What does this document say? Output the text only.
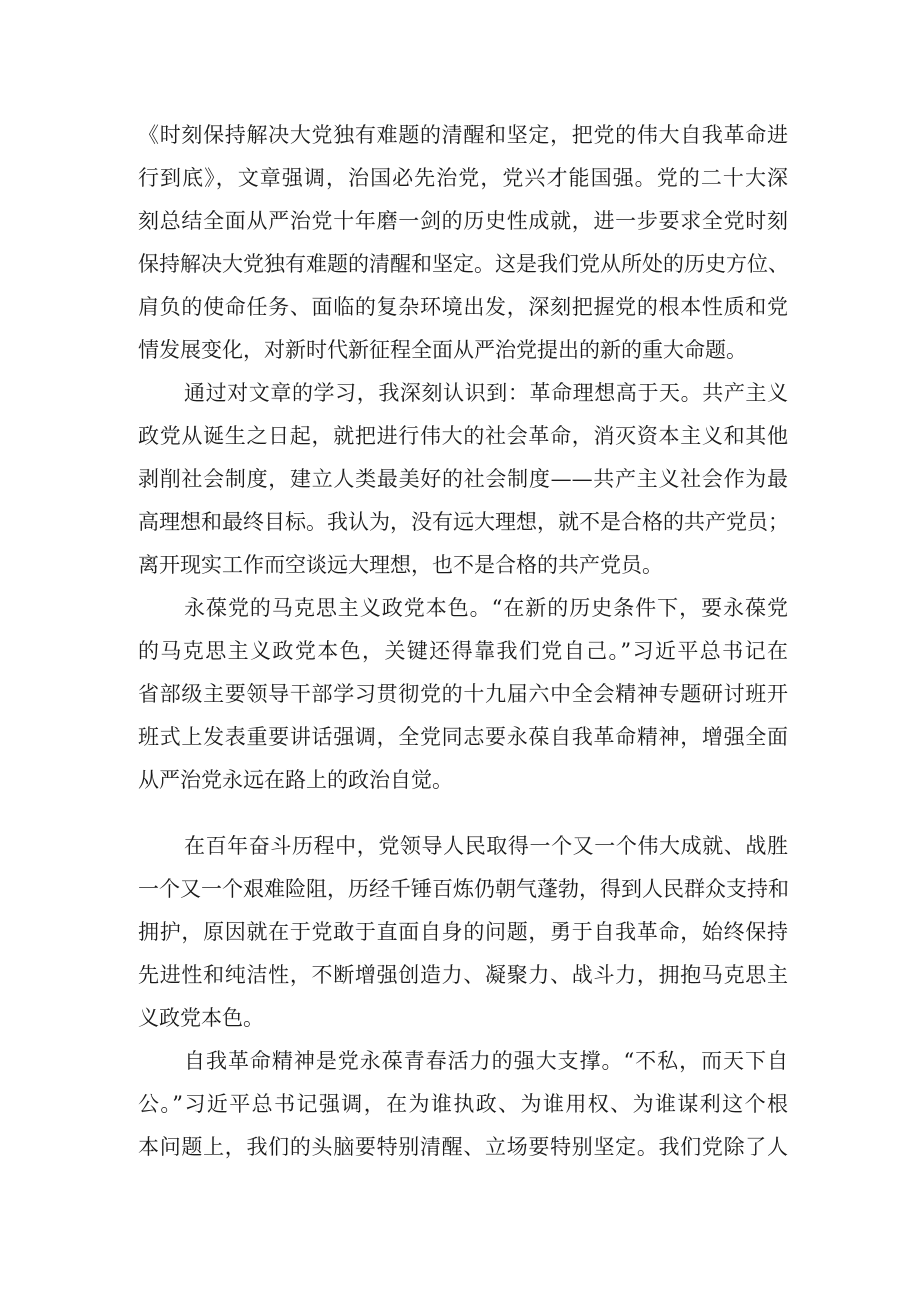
《时刻保持解决大党独有难题的清醒和坚定，把党的伟大自我革命进
行到底》，文章强调，治国必先治党，党兴才能国强。党的二十大深
刻总结全面从严治党十年磨一剑的历史性成就，进一步要求全党时刻
保持解决大党独有难题的清醒和坚定。这是我们党从所处的历史方位、
肩负的使命任务、面临的复杂环境出发，深刻把握党的根本性质和党
情发展变化，对新时代新征程全面从严治党提出的新的重大命题。
通过对文章的学习，我深刻认识到：革命理想高于天。共产主义
政党从诞生之日起，就把进行伟大的社会革命，消灭资本主义和其他
剥削社会制度，建立人类最美好的社会制度——共产主义社会作为最
高理想和最终目标。我认为，没有远大理想，就不是合格的共产党员；
离开现实工作而空谈远大理想，也不是合格的共产党员。
永葆党的马克思主义政党本色。“在新的历史条件下，要永葆党
的马克思主义政党本色，关键还得靠我们党自己。”习近平总书记在
省部级主要领导干部学习贯彻党的十九届六中全会精神专题研讨班开
班式上发表重要讲话强调，全党同志要永葆自我革命精神，增强全面
从严治党永远在路上的政治自觉。
在百年奋斗历程中，党领导人民取得一个又一个伟大成就、战胜
一个又一个艰难险阻，历经千锤百炼仍朝气蓬勃，得到人民群众支持和
拥护，原因就在于党敢于直面自身的问题，勇于自我革命，始终保持
先进性和纯洁性，不断增强创造力、凝聚力、战斗力，拥抱马克思主
义政党本色。
自我革命精神是党永葆青春活力的强大支撑。“不私，而天下自
公。”习近平总书记强调，在为谁执政、为谁用权、为谁谋利这个根
本问题上，我们的头脑要特别清醒、立场要特别坚定。我们党除了人
